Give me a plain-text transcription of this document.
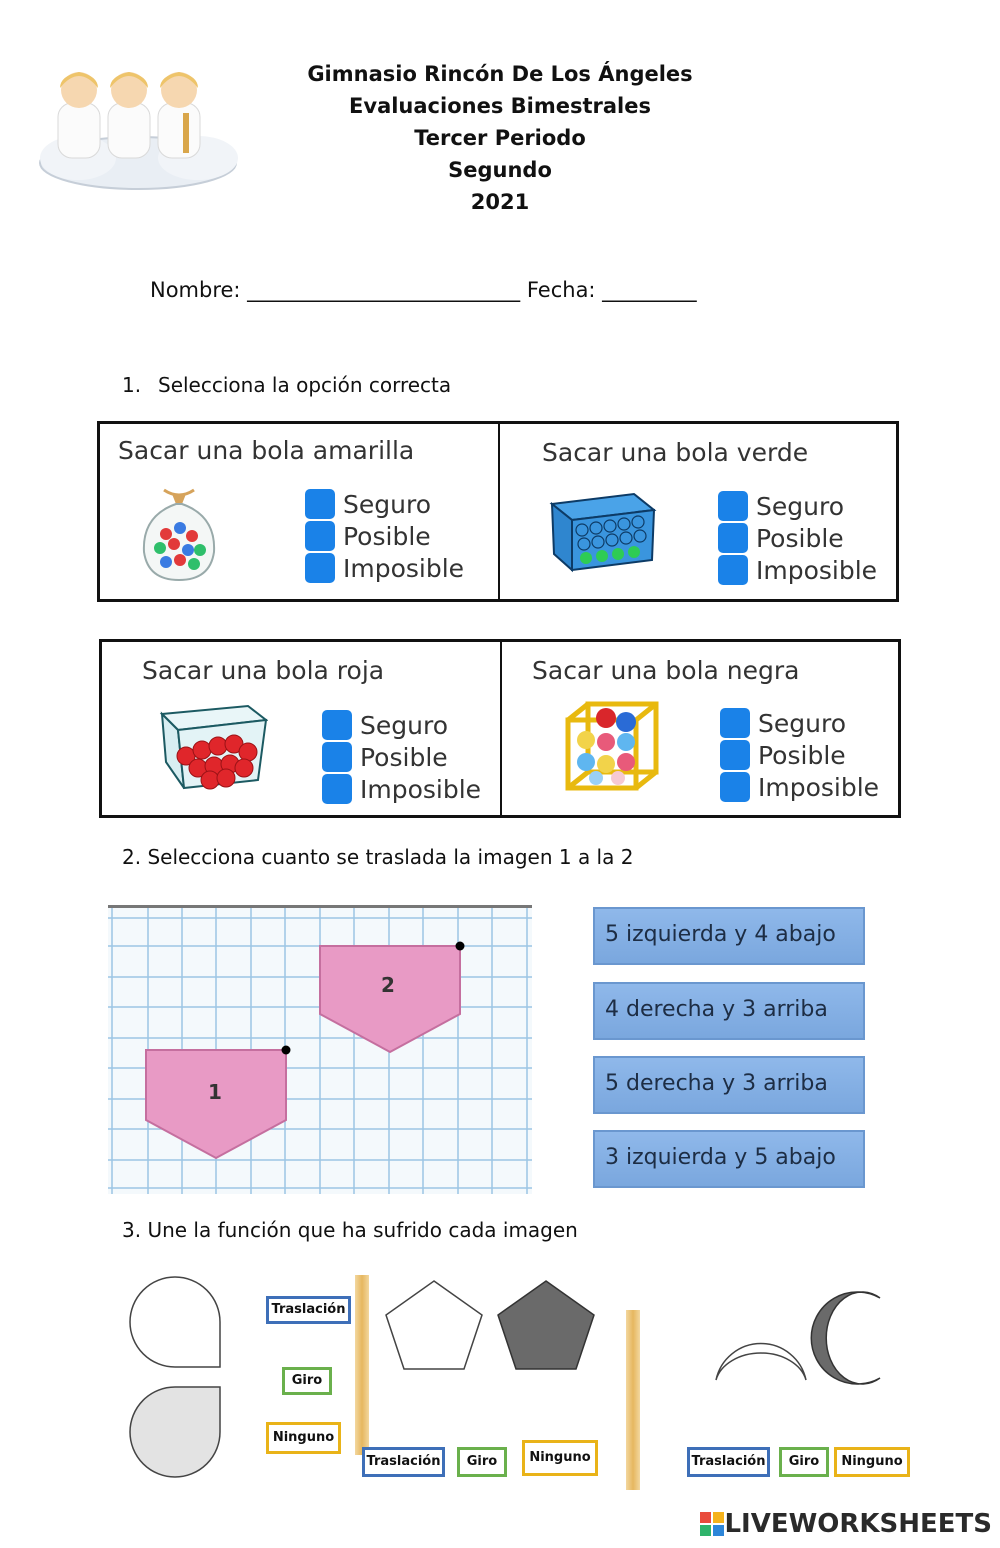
Gimnasio Rincón De Los Ángeles
Evaluaciones Bimestrales
Tercer Periodo
Segundo
2021
Nombre: __________________________ Fecha: _________
1. Selecciona la opción correcta
Sacar una bola amarilla
Seguro
Posible
Imposible
Sacar una bola verde
Seguro
Posible
Imposible
Sacar una bola roja
Seguro
Posible
Imposible
Sacar una bola negra
Seguro
Posible
Imposible
2. Selecciona cuanto se traslada la imagen 1 a la 2
2
1
5 izquierda y 4 abajo
4 derecha y 3 arriba
5 derecha y 3 arriba
3 izquierda y 5 abajo
3. Une la función que ha sufrido cada imagen
Traslación
Giro
Ninguno
Traslación	Giro	Ninguno	Traslación	Giro	Ninguno
LIVEWORKSHEETS
